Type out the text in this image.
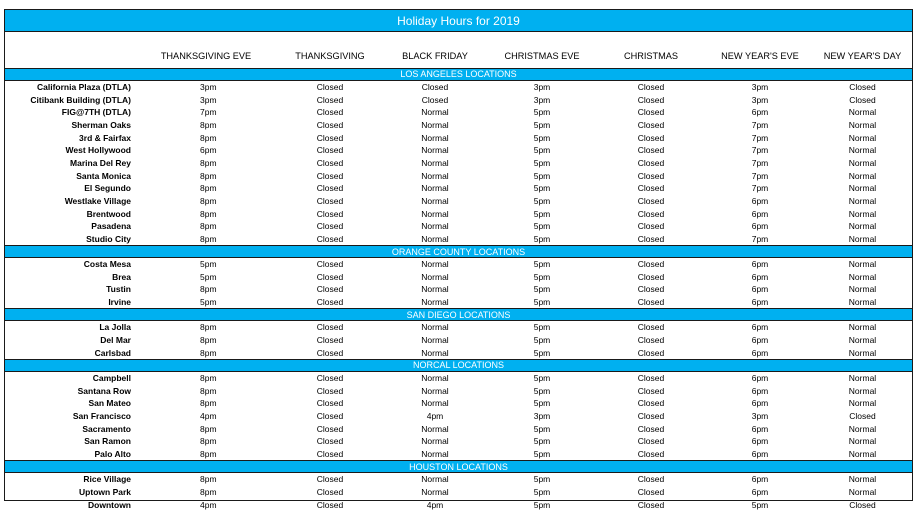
Holiday Hours for 2019
THANKSGIVING EVE	THANKSGIVING	BLACK FRIDAY	CHRISTMAS EVE	CHRISTMAS	NEW YEAR'S EVE	NEW YEAR'S DAY
LOS ANGELES LOCATIONS
California Plaza (DTLA)	3pm	Closed	Closed	3pm	Closed	3pm	Closed
Citibank Building (DTLA)	3pm	Closed	Closed	3pm	Closed	3pm	Closed
FIG@7TH (DTLA)	7pm	Closed	Normal	5pm	Closed	6pm	Normal
Sherman Oaks	8pm	Closed	Normal	5pm	Closed	7pm	Normal
3rd & Fairfax	8pm	Closed	Normal	5pm	Closed	7pm	Normal
West Hollywood	6pm	Closed	Normal	5pm	Closed	7pm	Normal
Marina Del Rey	8pm	Closed	Normal	5pm	Closed	7pm	Normal
Santa Monica	8pm	Closed	Normal	5pm	Closed	7pm	Normal
El Segundo	8pm	Closed	Normal	5pm	Closed	7pm	Normal
Westlake Village	8pm	Closed	Normal	5pm	Closed	6pm	Normal
Brentwood	8pm	Closed	Normal	5pm	Closed	6pm	Normal
Pasadena	8pm	Closed	Normal	5pm	Closed	6pm	Normal
Studio City	8pm	Closed	Normal	5pm	Closed	7pm	Normal
ORANGE COUNTY LOCATIONS
Costa Mesa	5pm	Closed	Normal	5pm	Closed	6pm	Normal
Brea	5pm	Closed	Normal	5pm	Closed	6pm	Normal
Tustin	8pm	Closed	Normal	5pm	Closed	6pm	Normal
Irvine	5pm	Closed	Normal	5pm	Closed	6pm	Normal
SAN DIEGO LOCATIONS
La Jolla	8pm	Closed	Normal	5pm	Closed	6pm	Normal
Del Mar	8pm	Closed	Normal	5pm	Closed	6pm	Normal
Carlsbad	8pm	Closed	Normal	5pm	Closed	6pm	Normal
NORCAL LOCATIONS
Campbell	8pm	Closed	Normal	5pm	Closed	6pm	Normal
Santana Row	8pm	Closed	Normal	5pm	Closed	6pm	Normal
San Mateo	8pm	Closed	Normal	5pm	Closed	6pm	Normal
San Francisco	4pm	Closed	4pm	3pm	Closed	3pm	Closed
Sacramento	8pm	Closed	Normal	5pm	Closed	6pm	Normal
San Ramon	8pm	Closed	Normal	5pm	Closed	6pm	Normal
Palo Alto	8pm	Closed	Normal	5pm	Closed	6pm	Normal
HOUSTON LOCATIONS
Rice Village	8pm	Closed	Normal	5pm	Closed	6pm	Normal
Uptown Park	8pm	Closed	Normal	5pm	Closed	6pm	Normal
Downtown	4pm	Closed	4pm	5pm	Closed	5pm	Closed
